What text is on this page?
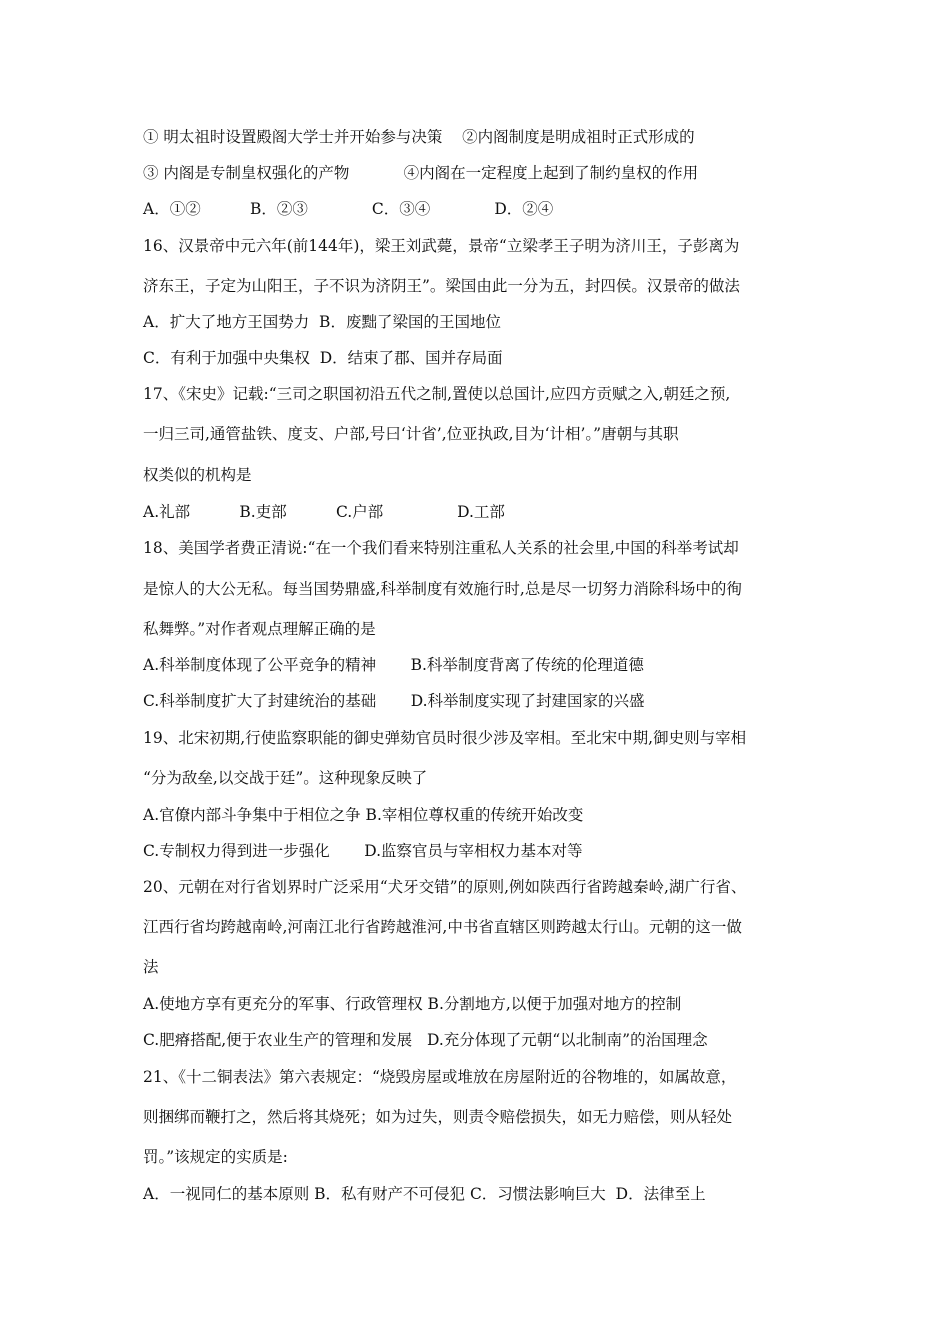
① 明太祖时设置殿阁大学士并开始参与决策    ②内阁制度是明成祖时正式形成的
③ 内阁是专制皇权强化的产物           ④内阁在一定程度上起到了制约皇权的作用
A．①②          B．②③             C．③④             D．②④
16、汉景帝中元六年(前144年)，梁王刘武薨，景帝“立梁孝王子明为济川王，子彭离为
济东王，子定为山阳王，子不识为济阴王”。梁国由此一分为五，封四侯。汉景帝的做法
A．扩大了地方王国势力  B．废黜了梁国的王国地位
C．有利于加强中央集权  D．结束了郡、国并存局面
17、《宋史》记载:“三司之职国初沿五代之制,置使以总国计,应四方贡赋之入,朝廷之预,
一归三司,通管盐铁、度支、户部,号曰‘计省’,位亚执政,目为‘计相’。”唐朝与其职
权类似的机构是
A.礼部          B.吏部          C.户部               D.工部
18、美国学者费正清说:“在一个我们看来特别注重私人关系的社会里,中国的科举考试却
是惊人的大公无私。每当国势鼎盛,科举制度有效施行时,总是尽一切努力消除科场中的徇
私舞弊。”对作者观点理解正确的是
A.科举制度体现了公平竞争的精神       B.科举制度背离了传统的伦理道德
C.科举制度扩大了封建统治的基础       D.科举制度实现了封建国家的兴盛
19、北宋初期,行使监察职能的御史弹劾官员时很少涉及宰相。至北宋中期,御史则与宰相
“分为敌垒,以交战于廷”。这种现象反映了
A.官僚内部斗争集中于相位之争 B.宰相位尊权重的传统开始改变
C.专制权力得到进一步强化       D.监察官员与宰相权力基本对等
20、元朝在对行省划界时广泛采用“犬牙交错”的原则,例如陕西行省跨越秦岭,湖广行省、
江西行省均跨越南岭,河南江北行省跨越淮河,中书省直辖区则跨越太行山。元朝的这一做
法
A.使地方享有更充分的军事、行政管理权 B.分割地方,以便于加强对地方的控制
C.肥瘠搭配,便于农业生产的管理和发展   D.充分体现了元朝“以北制南”的治国理念
21、《十二铜表法》第六表规定：“烧毁房屋或堆放在房屋附近的谷物堆的，如属故意，
则捆绑而鞭打之，然后将其烧死；如为过失，则责令赔偿损失，如无力赔偿，则从轻处
罚。”该规定的实质是:
A．一视同仁的基本原则 B．私有财产不可侵犯 C．习惯法影响巨大  D．法律至上
